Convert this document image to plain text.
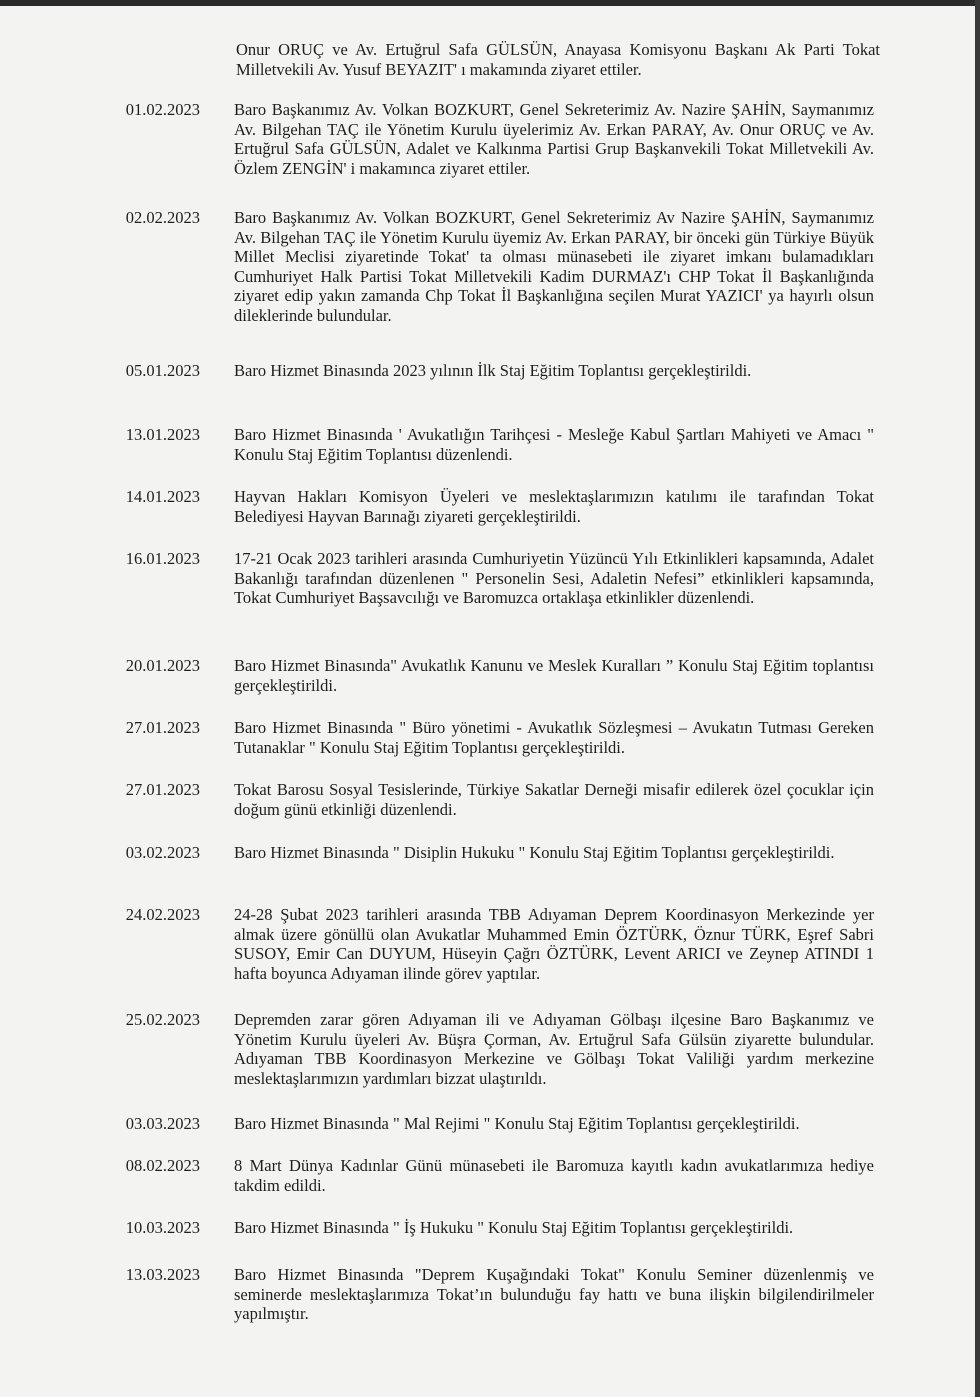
Onur ORUÇ ve Av. Ertuğrul Safa GÜLSÜN, Anayasa Komisyonu Başkanı Ak Parti Tokat Milletvekili Av. Yusuf BEYAZIT' ı makamında ziyaret ettiler.
01.02.2023 Baro Başkanımız Av. Volkan BOZKURT, Genel Sekreterimiz Av. Nazire ŞAHİN, Saymanımız Av. Bilgehan TAÇ ile Yönetim Kurulu üyelerimiz Av. Erkan PARAY, Av. Onur ORUÇ ve Av. Ertuğrul Safa GÜLSÜN, Adalet ve Kalkınma Partisi Grup Başkanvekili Tokat Milletvekili Av. Özlem ZENGİN' i makamınca ziyaret ettiler.
02.02.2023 Baro Başkanımız Av. Volkan BOZKURT, Genel Sekreterimiz Av Nazire ŞAHİN, Saymanımız Av. Bilgehan TAÇ ile Yönetim Kurulu üyemiz Av. Erkan PARAY, bir önceki gün Türkiye Büyük Millet Meclisi ziyaretinde Tokat' ta olması münasebeti ile ziyaret imkanı bulamadıkları Cumhuriyet Halk Partisi Tokat Milletvekili Kadim DURMAZ'ı CHP Tokat İl Başkanlığında ziyaret edip yakın zamanda Chp Tokat İl Başkanlığına seçilen Murat YAZICI' ya hayırlı olsun dileklerinde bulundular.
05.01.2023 Baro Hizmet Binasında 2023 yılının İlk Staj Eğitim Toplantısı gerçekleştirildi.
13.01.2023 Baro Hizmet Binasında ' Avukatlığın Tarihçesi - Mesleğe Kabul Şartları Mahiyeti ve Amacı " Konulu Staj Eğitim Toplantısı düzenlendi.
14.01.2023 Hayvan Hakları Komisyon Üyeleri ve meslektaşlarımızın katılımı ile tarafından Tokat Belediyesi Hayvan Barınağı ziyareti gerçekleştirildi.
16.01.2023 17-21 Ocak 2023 tarihleri arasında Cumhuriyetin Yüzüncü Yılı Etkinlikleri kapsamında, Adalet Bakanlığı tarafından düzenlenen " Personelin Sesi, Adaletin Nefesi” etkinlikleri kapsamında, Tokat Cumhuriyet Başsavcılığı ve Baromuzca ortaklaşa etkinlikler düzenlendi.
20.01.2023 Baro Hizmet Binasında" Avukatlık Kanunu ve Meslek Kuralları ” Konulu Staj Eğitim toplantısı gerçekleştirildi.
27.01.2023 Baro Hizmet Binasında " Büro yönetimi - Avukatlık Sözleşmesi – Avukatın Tutması Gereken Tutanaklar " Konulu Staj Eğitim Toplantısı gerçekleştirildi.
27.01.2023 Tokat Barosu Sosyal Tesislerinde, Türkiye Sakatlar Derneği misafir edilerek özel çocuklar için doğum günü etkinliği düzenlendi.
03.02.2023 Baro Hizmet Binasında " Disiplin Hukuku " Konulu Staj Eğitim Toplantısı gerçekleştirildi.
24.02.2023 24-28 Şubat 2023 tarihleri arasında TBB Adıyaman Deprem Koordinasyon Merkezinde yer almak üzere gönüllü olan Avukatlar Muhammed Emin ÖZTÜRK, Öznur TÜRK, Eşref Sabri SUSOY, Emir Can DUYUM, Hüseyin Çağrı ÖZTÜRK, Levent ARICI ve Zeynep ATINDI 1 hafta boyunca Adıyaman ilinde görev yaptılar.
25.02.2023 Depremden zarar gören Adıyaman ili ve Adıyaman Gölbaşı ilçesine Baro Başkanımız ve Yönetim Kurulu üyeleri Av. Büşra Çorman, Av. Ertuğrul Safa Gülsün ziyarette bulundular. Adıyaman TBB Koordinasyon Merkezine ve Gölbaşı Tokat Valiliği yardım merkezine meslektaşlarımızın yardımları bizzat ulaştırıldı.
03.03.2023 Baro Hizmet Binasında " Mal Rejimi " Konulu Staj Eğitim Toplantısı gerçekleştirildi.
08.02.2023 8 Mart Dünya Kadınlar Günü münasebeti ile Baromuza kayıtlı kadın avukatlarımıza hediye takdim edildi.
10.03.2023 Baro Hizmet Binasında " İş Hukuku " Konulu Staj Eğitim Toplantısı gerçekleştirildi.
13.03.2023 Baro Hizmet Binasında "Deprem Kuşağındaki Tokat" Konulu Seminer düzenlenmiş ve seminerde meslektaşlarımıza Tokat’ın bulunduğu fay hattı ve buna ilişkin bilgilendirilmeler yapılmıştır.
